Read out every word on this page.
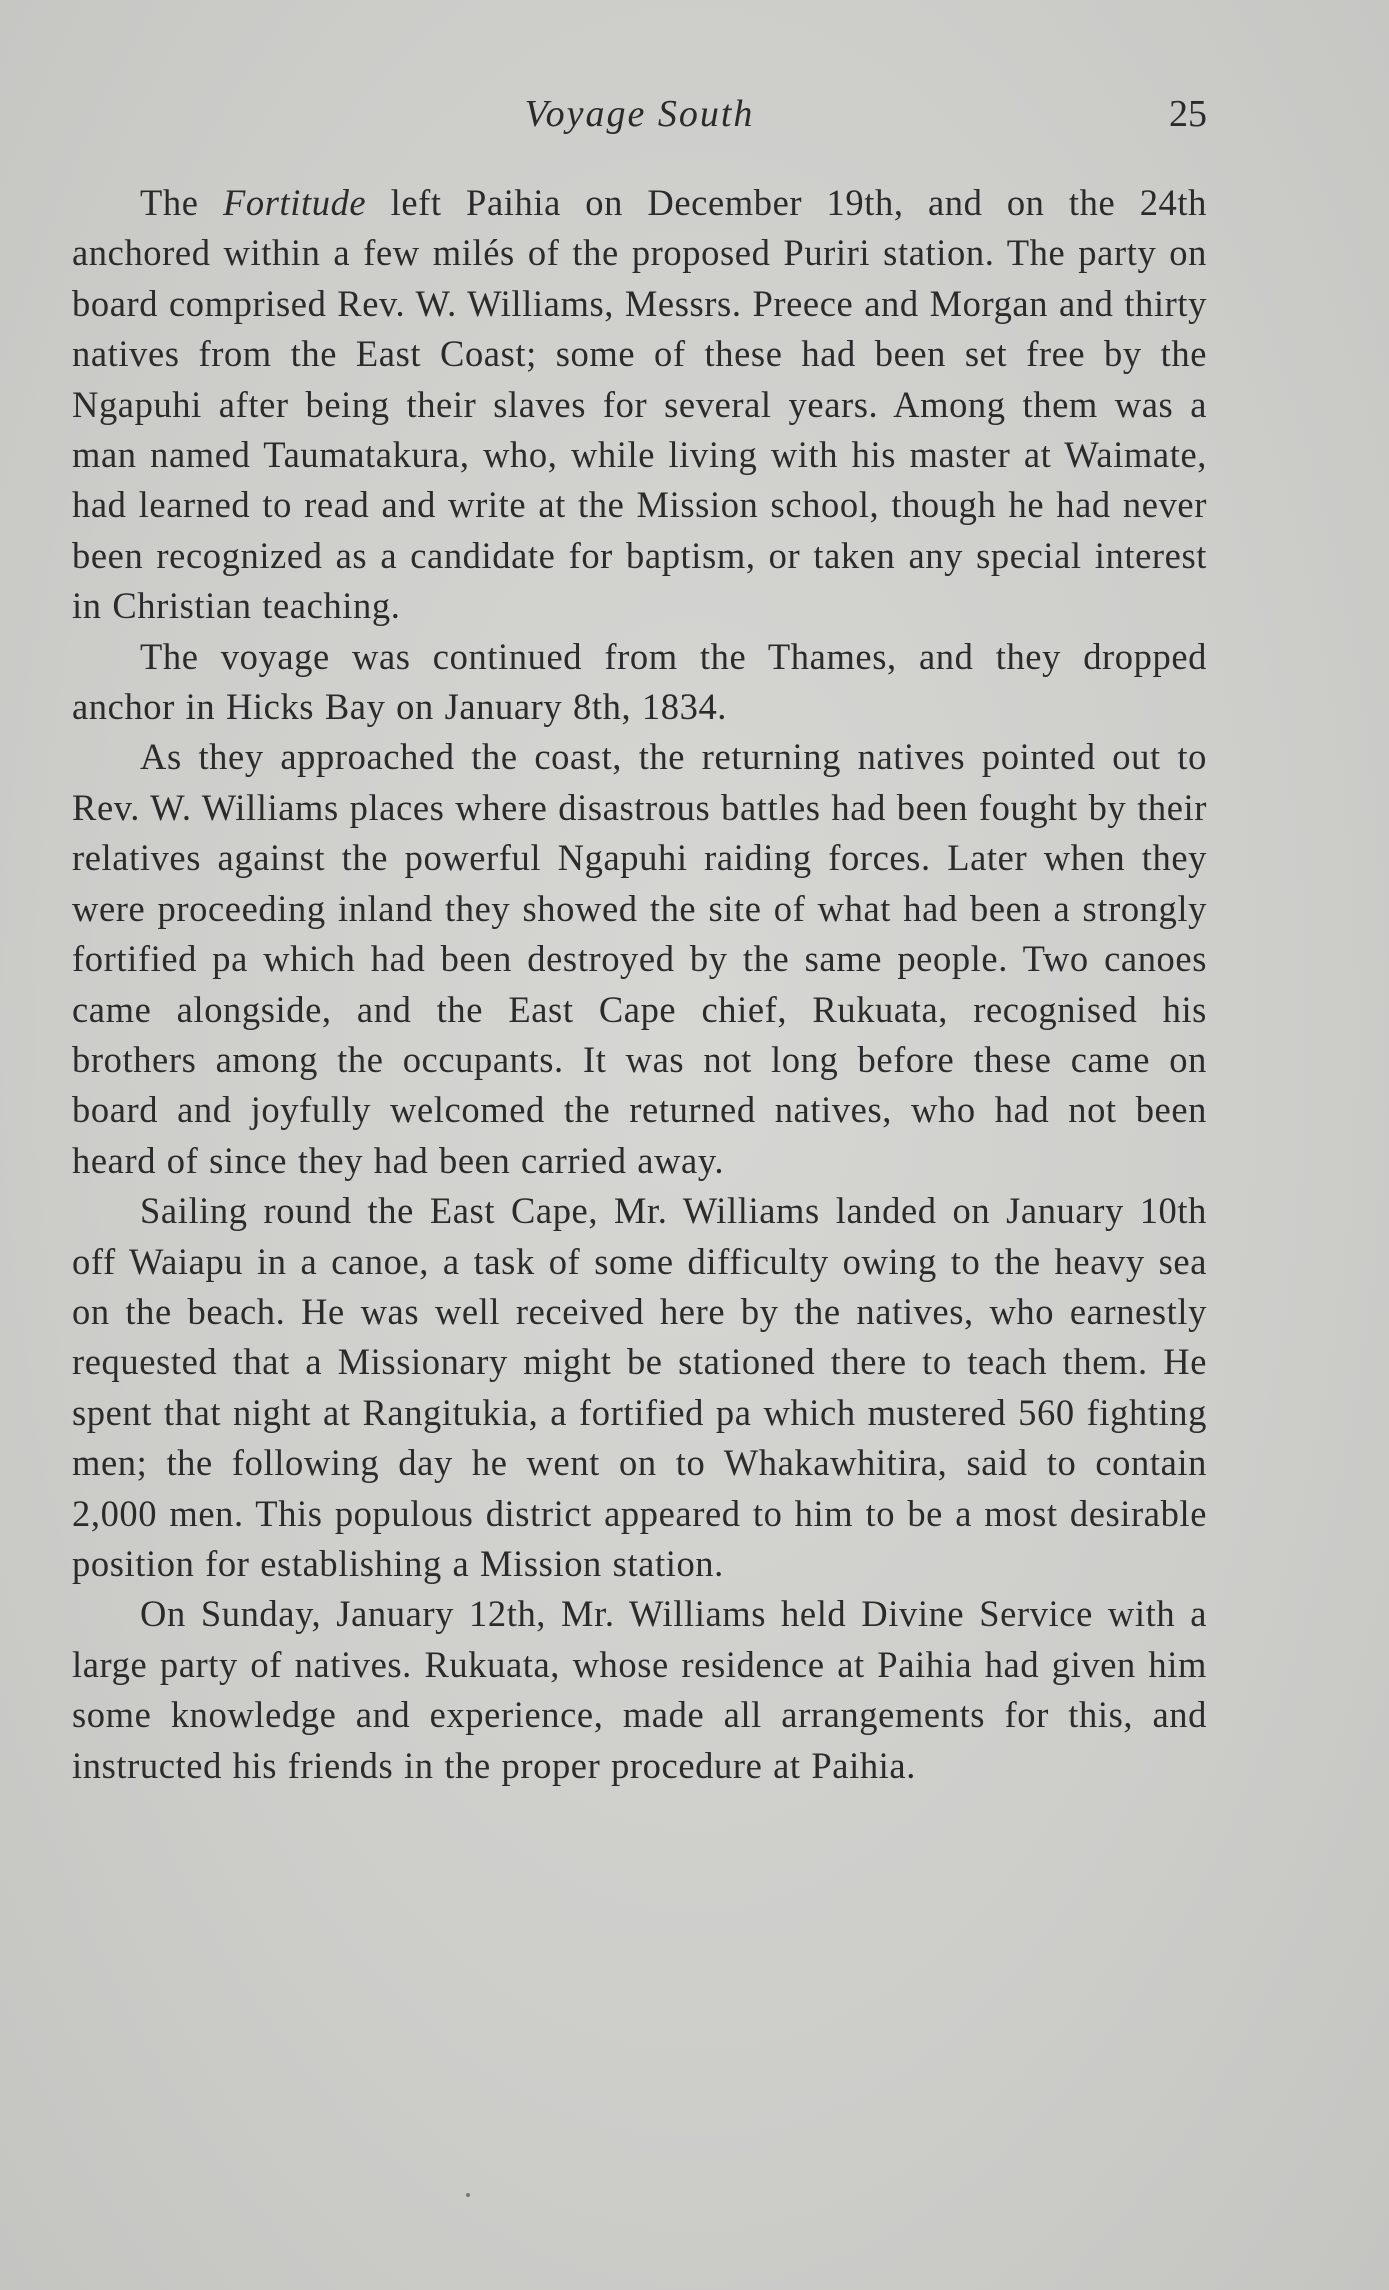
Voyage South	25

The Fortitude left Paihia on December 19th, and on the 24th anchored within a few milés of the proposed Puriri station. The party on board comprised Rev. W. Williams, Messrs. Preece and Morgan and thirty natives from the East Coast; some of these had been set free by the Ngapuhi after being their slaves for several years. Among them was a man named Taumatakura, who, while living with his master at Waimate, had learned to read and write at the Mission school, though he had never been recognized as a candidate for baptism, or taken any special interest in Christian teaching.

The voyage was continued from the Thames, and they dropped anchor in Hicks Bay on January 8th, 1834.

As they approached the coast, the returning natives pointed out to Rev. W. Williams places where disastrous battles had been fought by their relatives against the powerful Ngapuhi raiding forces. Later when they were proceeding inland they showed the site of what had been a strongly fortified pa which had been destroyed by the same people. Two canoes came alongside, and the East Cape chief, Rukuata, recognised his brothers among the occupants. It was not long before these came on board and joyfully welcomed the returned natives, who had not been heard of since they had been carried away.

Sailing round the East Cape, Mr. Williams landed on January 10th off Waiapu in a canoe, a task of some difficulty owing to the heavy sea on the beach. He was well received here by the natives, who earnestly requested that a Missionary might be stationed there to teach them. He spent that night at Rangitukia, a fortified pa which mustered 560 fighting men; the following day he went on to Whakawhitira, said to contain 2,000 men. This populous district appeared to him to be a most desirable position for establishing a Mission station.

On Sunday, January 12th, Mr. Williams held Divine Service with a large party of natives. Rukuata, whose residence at Paihia had given him some knowledge and experience, made all arrangements for this, and instructed his friends in the proper procedure at Paihia.
